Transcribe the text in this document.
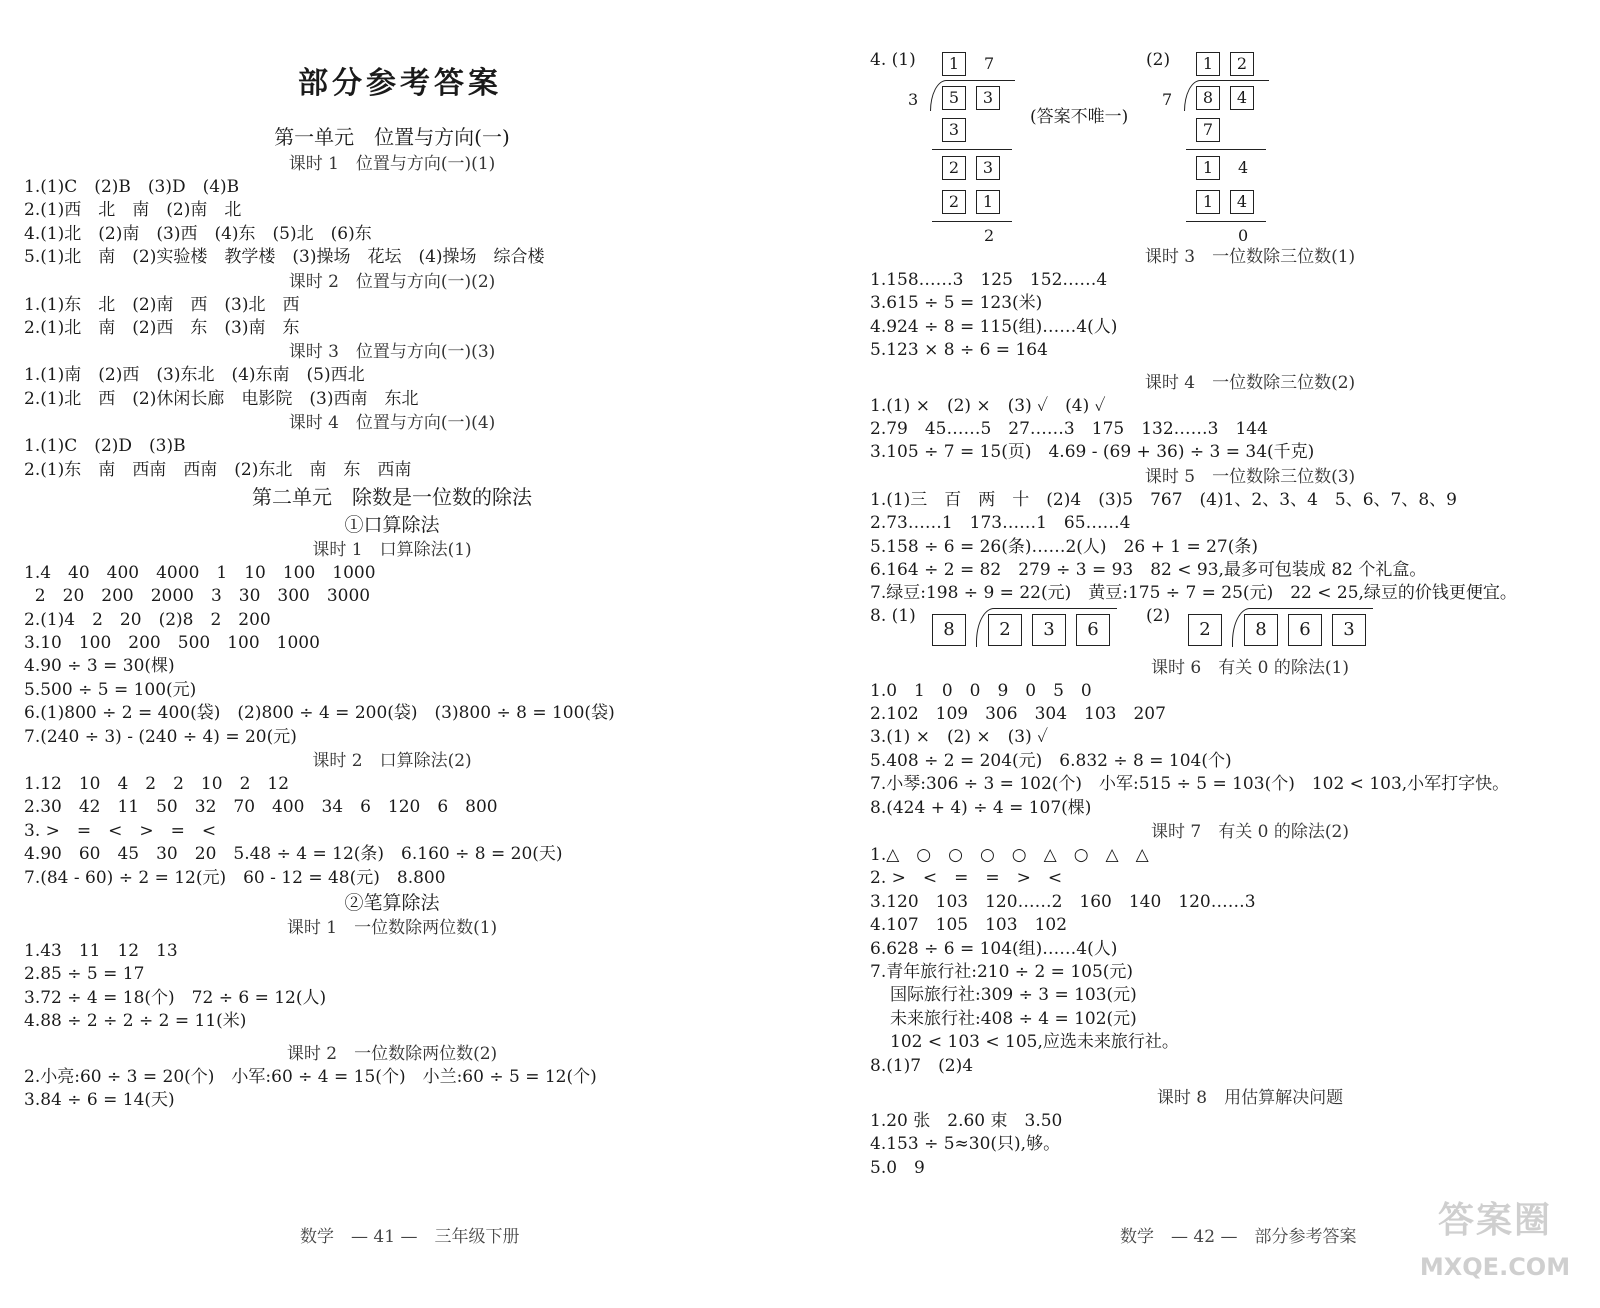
部分参考答案
第一单元　位置与方向(一)
课时 1　位置与方向(一)(1)
1.(1)C　(2)B　(3)D　(4)B
2.(1)西　北　南　(2)南　北
4.(1)北　(2)南　(3)西　(4)东　(5)北　(6)东
5.(1)北　南　(2)实验楼　教学楼　(3)操场　花坛　(4)操场　综合楼
课时 2　位置与方向(一)(2)
1.(1)东　北　(2)南　西　(3)北　西
2.(1)北　南　(2)西　东　(3)南　东
课时 3　位置与方向(一)(3)
1.(1)南　(2)西　(3)东北　(4)东南　(5)西北
2.(1)北　西　(2)休闲长廊　电影院　(3)西南　东北
课时 4　位置与方向(一)(4)
1.(1)C　(2)D　(3)B
2.(1)东　南　西南　西南　(2)东北　南　东　西南
第二单元　除数是一位数的除法
①口算除法
课时 1　口算除法(1)
1.4　40　400　4000　1　10　100　1000
2　20　200　2000　3　30　300　3000
2.(1)4　2　20　(2)8　2　200
3.10　100　200　500　100　1000
4.90 ÷ 3 = 30(棵)
5.500 ÷ 5 = 100(元)
6.(1)800 ÷ 2 = 400(袋)　(2)800 ÷ 4 = 200(袋)　(3)800 ÷ 8 = 100(袋)
7.(240 ÷ 3) - (240 ÷ 4) = 20(元)
课时 2　口算除法(2)
1.12　10　4　2　2　10　2　12
2.30　42　11　50　32　70　400　34　6　120　6　800
3. >　=　<　>　=　<
4.90　60　45　30　20　5.48 ÷ 4 = 12(条)　6.160 ÷ 8 = 20(天)
7.(84 - 60) ÷ 2 = 12(元)　60 - 12 = 48(元)　8.800
②笔算除法
课时 1　一位数除两位数(1)
1.43　11　12　13
2.85 ÷ 5 = 17
3.72 ÷ 4 = 18(个)　72 ÷ 6 = 12(人)
4.88 ÷ 2 ÷ 2 ÷ 2 = 11(米)
课时 2　一位数除两位数(2)
2.小亮:60 ÷ 3 = 20(个)　小军:60 ÷ 4 = 15(个)　小兰:60 ÷ 5 = 12(个)
3.84 ÷ 6 = 14(天)
数学　— 41 —　三年级下册
4. (1)	(2)
(答案不唯一)
1	7
3	5	3
3
2	3
2	1
2
1	2
7	8	4
7
1	4
1	4
0
课时 3　一位数除三位数(1)
1.158……3　125　152……4
3.615 ÷ 5 = 123(米)
4.924 ÷ 8 = 115(组)……4(人)
5.123 × 8 ÷ 6 = 164
课时 4　一位数除三位数(2)
1.(1) ×　(2) ×　(3) ✓　(4) ✓
2.79　45……5　27……3　175　132……3　144
3.105 ÷ 7 = 15(页)　4.69 - (69 + 36) ÷ 3 = 34(千克)
课时 5　一位数除三位数(3)
1.(1)三　百　两　十　(2)4　(3)5　767　(4)1、2、3、4　5、6、7、8、9
2.73……1　173……1　65……4
5.158 ÷ 6 = 26(条)……2(人)　26 + 1 = 27(条)
6.164 ÷ 2 = 82　279 ÷ 3 = 93　82 < 93,最多可包装成 82 个礼盒。
7.绿豆:198 ÷ 9 = 22(元)　黄豆:175 ÷ 7 = 25(元)　22 < 25,绿豆的价钱更便宜。
8. (1)	(2)
8	2	3	6	2	8	6	3
课时 6　有关 0 的除法(1)
1.0　1　0　0　9　0　5　0
2.102　109　306　304　103　207
3.(1) ×　(2) ×　(3) ✓
5.408 ÷ 2 = 204(元)　6.832 ÷ 8 = 104(个)
7.小琴:306 ÷ 3 = 102(个)　小军:515 ÷ 5 = 103(个)　102 < 103,小军打字快。
8.(424 + 4) ÷ 4 = 107(棵)
课时 7　有关 0 的除法(2)
1.△　○　○　○　○　△　○　△　△
2. >　<　=　=　>　<
3.120　103　120……2　160　140　120……3
4.107　105　103　102
6.628 ÷ 6 = 104(组)……4(人)
7.青年旅行社:210 ÷ 2 = 105(元)
国际旅行社:309 ÷ 3 = 103(元)
未来旅行社:408 ÷ 4 = 102(元)
102 < 103 < 105,应选未来旅行社。
8.(1)7　(2)4
课时 8　用估算解决问题
1.20 张　2.60 束　3.50
4.153 ÷ 5≈30(只),够。
5.0　9
数学　— 42 —　部分参考答案	答案圈
MXQE.COM
